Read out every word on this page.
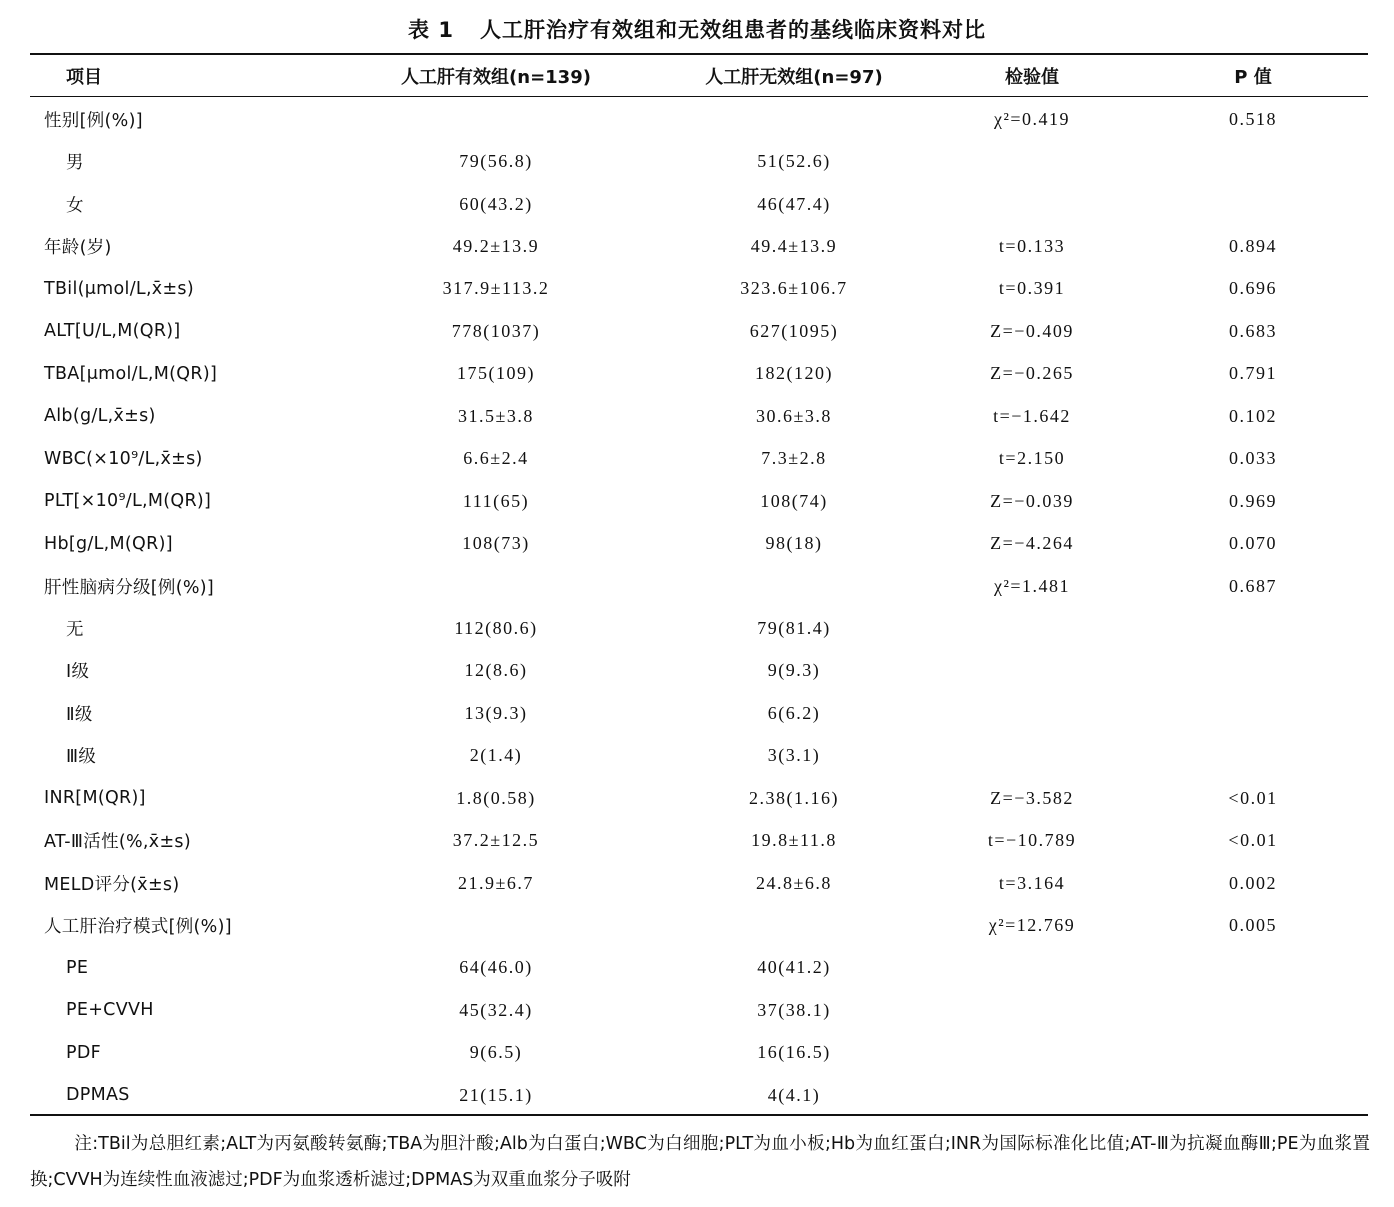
表 1 人工肝治疗有效组和无效组患者的基线临床资料对比
项目	人工肝有效组(n=139)	人工肝无效组(n=97)	检验值	P 值
性别[例(%)]			χ²=0.419	0.518
男	79(56.8)	51(52.6)		
女	60(43.2)	46(47.4)		
年龄(岁)	49.2±13.9	49.4±13.9	t=0.133	0.894
TBil(μmol/L,x̄±s)	317.9±113.2	323.6±106.7	t=0.391	0.696
ALT[U/L,M(QR)]	778(1037)	627(1095)	Z=−0.409	0.683
TBA[μmol/L,M(QR)]	175(109)	182(120)	Z=−0.265	0.791
Alb(g/L,x̄±s)	31.5±3.8	30.6±3.8	t=−1.642	0.102
WBC(×10⁹/L,x̄±s)	6.6±2.4	7.3±2.8	t=2.150	0.033
PLT[×10⁹/L,M(QR)]	111(65)	108(74)	Z=−0.039	0.969
Hb[g/L,M(QR)]	108(73)	98(18)	Z=−4.264	0.070
肝性脑病分级[例(%)]			χ²=1.481	0.687
无	112(80.6)	79(81.4)		
Ⅰ级	12(8.6)	9(9.3)		
Ⅱ级	13(9.3)	6(6.2)		
Ⅲ级	2(1.4)	3(3.1)		
INR[M(QR)]	1.8(0.58)	2.38(1.16)	Z=−3.582	<0.01
AT-Ⅲ活性(%,x̄±s)	37.2±12.5	19.8±11.8	t=−10.789	<0.01
MELD评分(x̄±s)	21.9±6.7	24.8±6.8	t=3.164	0.002
人工肝治疗模式[例(%)]			χ²=12.769	0.005
PE	64(46.0)	40(41.2)		
PE+CVVH	45(32.4)	37(38.1)		
PDF	9(6.5)	16(16.5)		
DPMAS	21(15.1)	4(4.1)		
注:TBil为总胆红素;ALT为丙氨酸转氨酶;TBA为胆汁酸;Alb为白蛋白;WBC为白细胞;PLT为血小板;Hb为血红蛋白;INR为国际标准化比值;AT-Ⅲ为抗凝血酶Ⅲ;PE为血浆置换;CVVH为连续性血液滤过;PDF为血浆透析滤过;DPMAS为双重血浆分子吸附
